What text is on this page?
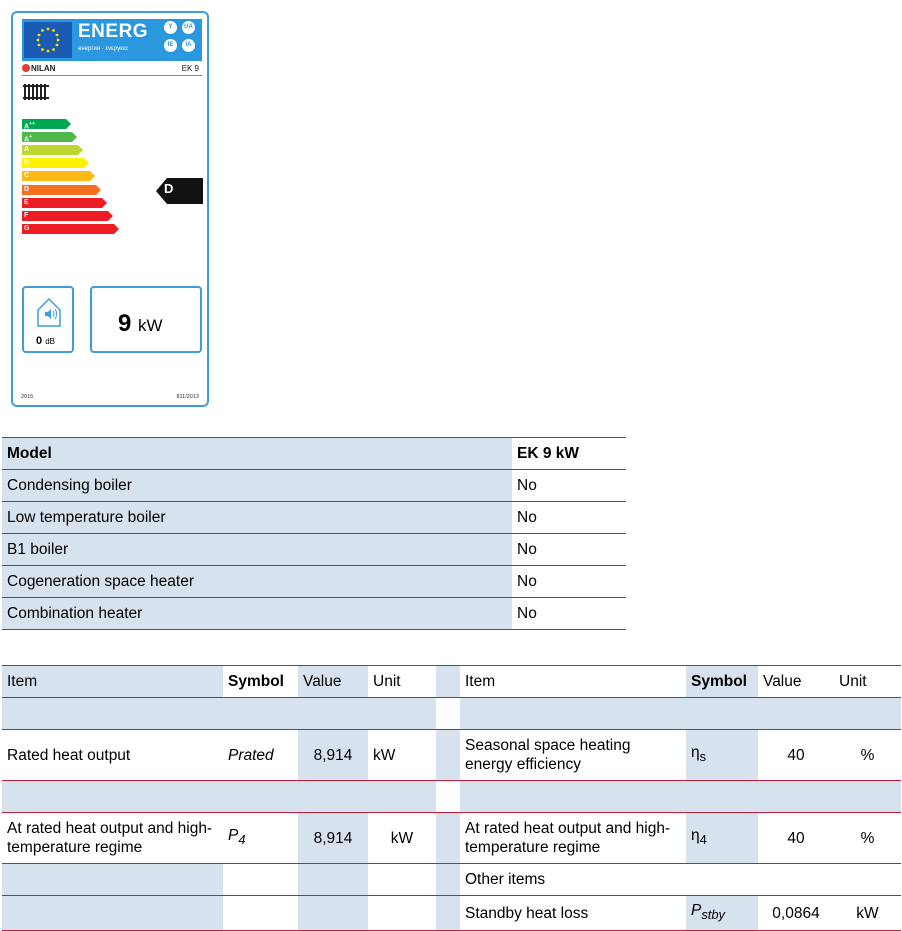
ENERG
енергия · ενεργεια
Y	UA
IE	IA
NILAN	EK 9
A++
A+
A
B
C
D
E
F
G
D
0 dB
9 kW
2015	811/2013
Model	EK 9 kW
Condensing boiler	No
Low temperature boiler	No
B1 boiler	No
Cogeneration space heater	No
Combination heater	No
Item	Symbol	Value	Unit		Item	Symbol	Value	Unit

Rated heat output	Prated	8,914	kW		Seasonal space heating energy efficiency	$\eta_s$	40	%

At rated heat output and high-temperature regime	$P_4$	8,914	kW		At rated heat output and high-temperature regime	$\eta_4$	40	%
					Other items			
					Standby heat loss	$P_{stby}$	0,0864	kW
